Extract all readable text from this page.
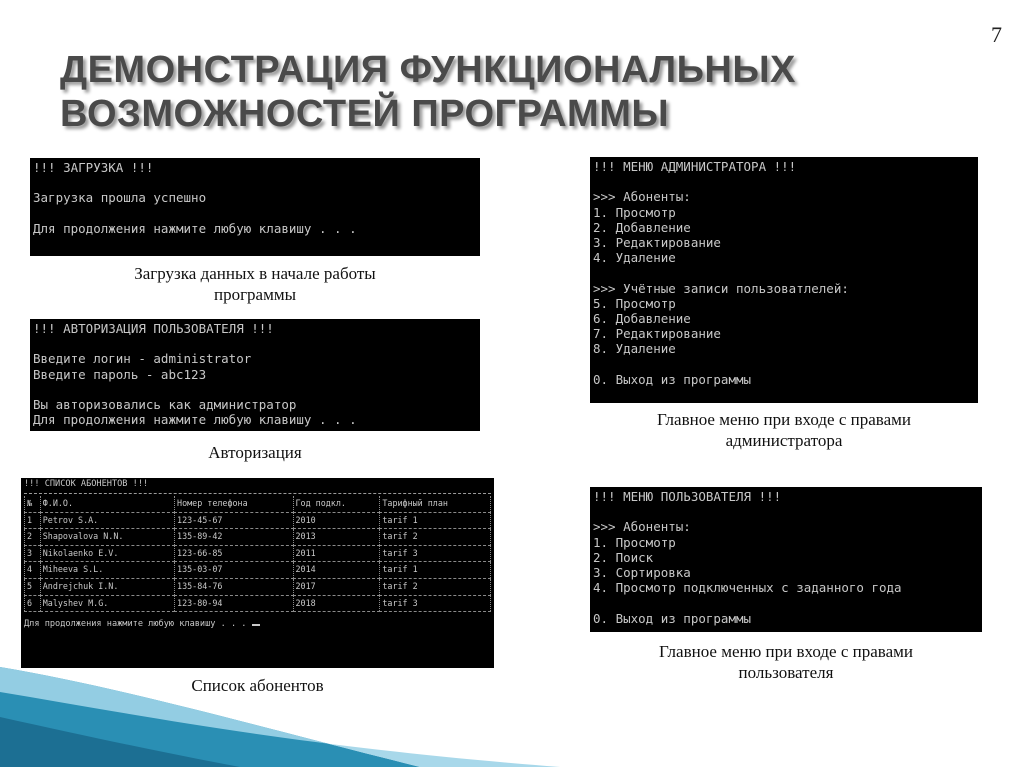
7
ДЕМОНСТРАЦИЯ ФУНКЦИОНАЛЬНЫХ
ВОЗМОЖНОСТЕЙ ПРОГРАММЫ
!!! ЗАГРУЗКА !!!
Загрузка прошла успешно
Для продолжения нажмите любую клавишу . . .
Загрузка данных в начале работы
программы
!!! АВТОРИЗАЦИЯ ПОЛЬЗОВАТЕЛЯ !!!
Введите логин - administrator
Введите пароль - abc123
Вы авторизовались как администратор
Для продолжения нажмите любую клавишу . . .
Авторизация
!!! СПИСОК АБОНЕНТОВ !!!
№	Ф.И.О.	Номер телефона	Год подкл.	Тарифный план
1	Petrov S.A.	123-45-67	2010	tarif 1
2	Shapovalova N.N.	135-89-42	2013	tarif 2
3	Nikolaenko E.V.	123-66-85	2011	tarif 3
4	Miheeva S.L.	135-03-07	2014	tarif 1
5	Andrejchuk I.N.	135-84-76	2017	tarif 2
6	Malyshev M.G.	123-80-94	2018	tarif 3
Для продолжения нажмите любую клавишу . . .
Список абонентов
!!! МЕНЮ АДМИНИСТРАТОРА !!!
>>> Абоненты:
1. Просмотр
2. Добавление
3. Редактирование
4. Удаление
>>> Учётные записи пользоватлелей:
5. Просмотр
6. Добавление
7. Редактирование
8. Удаление
0. Выход из программы
Главное меню при входе с правами
администратора
!!! МЕНЮ ПОЛЬЗОВАТЕЛЯ !!!
>>> Абоненты:
1. Просмотр
2. Поиск
3. Сортировка
4. Просмотр подключенных с заданного года
0. Выход из программы
Главное меню при входе с правами
пользователя
